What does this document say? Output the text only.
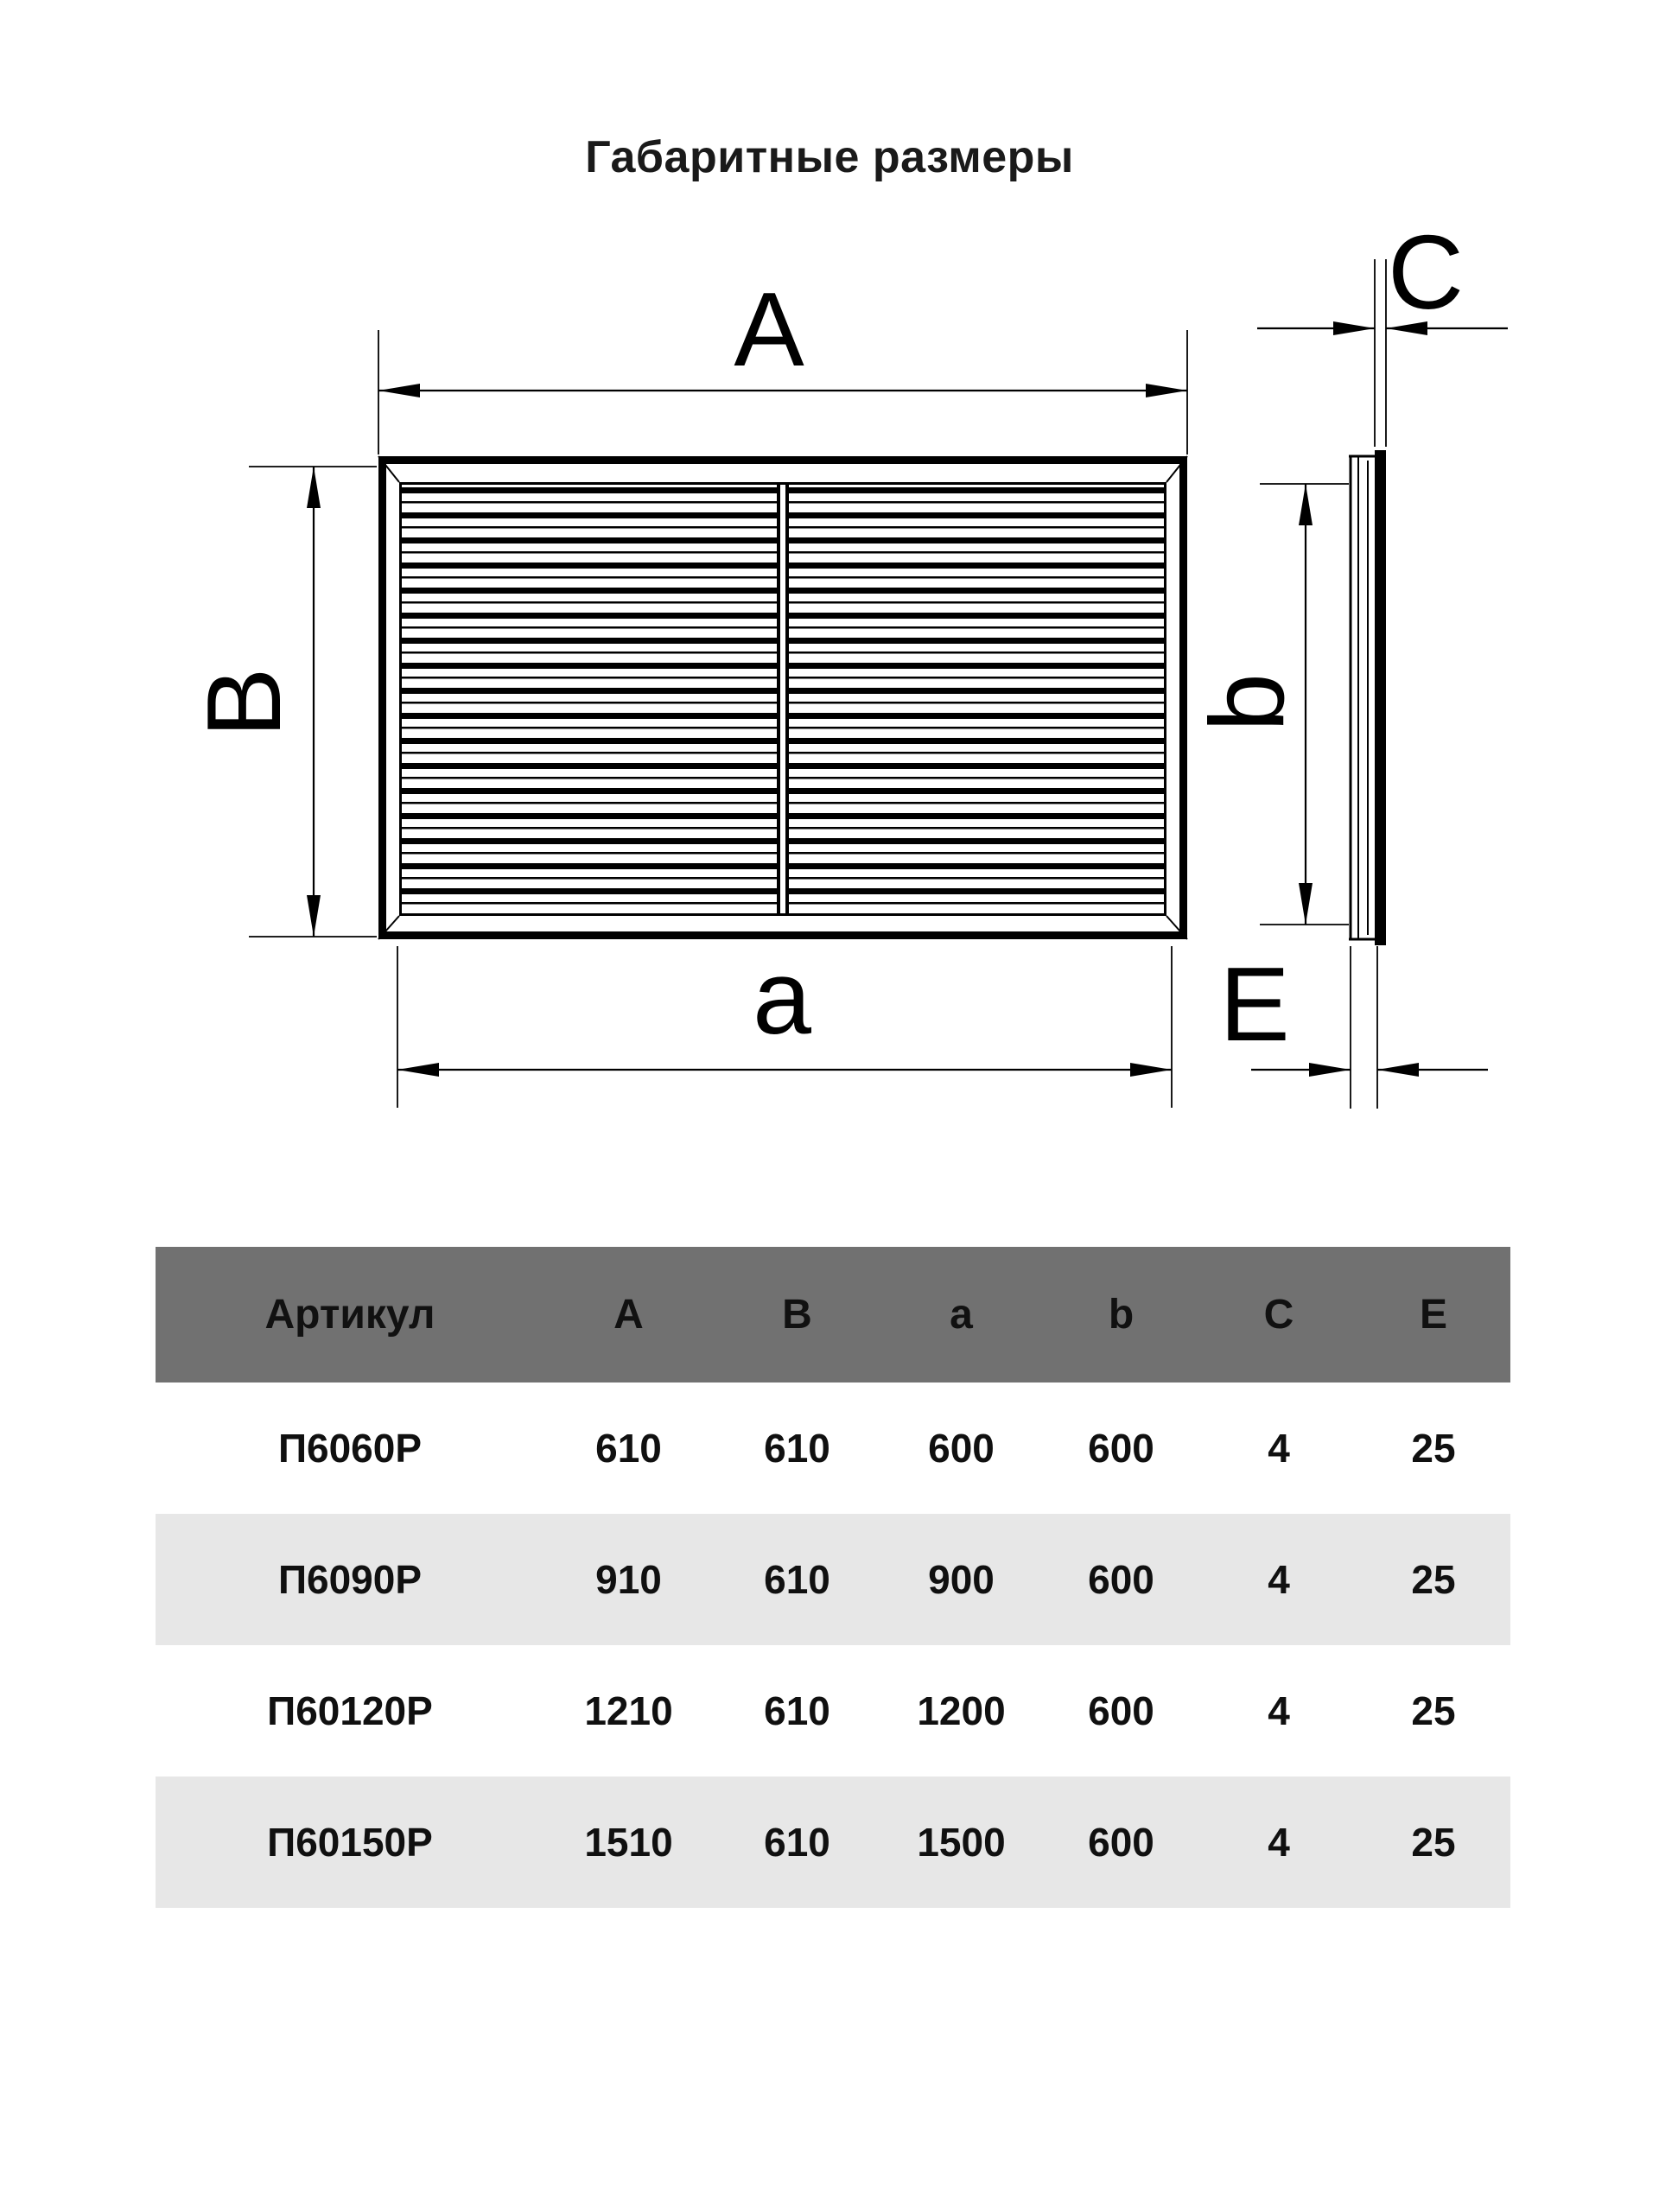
Габаритные размеры
A
B
a
b
C
E
Артикул	A	B	a	b	C	E
П6060Р	610	610	600	600	4	25
П6090Р	910	610	900	600	4	25
П60120Р	1210	610	1200	600	4	25
П60150Р	1510	610	1500	600	4	25
